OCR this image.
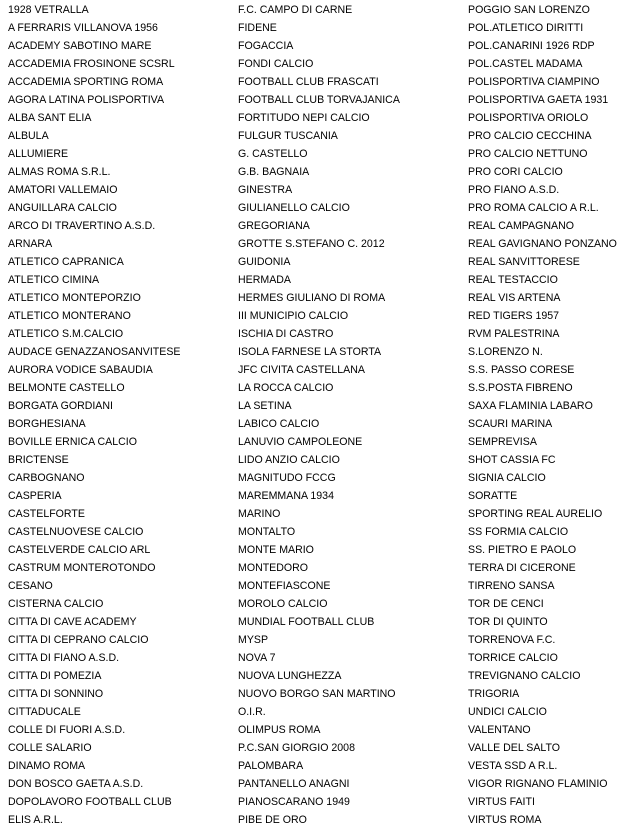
1928 VETRALLA
A FERRARIS VILLANOVA 1956
ACADEMY SABOTINO MARE
ACCADEMIA FROSINONE SCSRL
ACCADEMIA SPORTING ROMA
AGORA LATINA POLISPORTIVA
ALBA SANT ELIA
ALBULA
ALLUMIERE
ALMAS ROMA S.R.L.
AMATORI VALLEMAIO
ANGUILLARA CALCIO
ARCO DI TRAVERTINO A.S.D.
ARNARA
ATLETICO CAPRANICA
ATLETICO CIMINA
ATLETICO MONTEPORZIO
ATLETICO MONTERANO
ATLETICO S.M.CALCIO
AUDACE GENAZZANOSANVITESE
AURORA VODICE SABAUDIA
BELMONTE CASTELLO
BORGATA GORDIANI
BORGHESIANA
BOVILLE ERNICA CALCIO
BRICTENSE
CARBOGNANO
CASPERIA
CASTELFORTE
CASTELNUOVESE CALCIO
CASTELVERDE CALCIO ARL
CASTRUM MONTEROTONDO
CESANO
CISTERNA CALCIO
CITTA DI CAVE ACADEMY
CITTA DI CEPRANO CALCIO
CITTA DI FIANO A.S.D.
CITTA DI POMEZIA
CITTA DI SONNINO
CITTADUCALE
COLLE DI FUORI A.S.D.
COLLE SALARIO
DINAMO ROMA
DON BOSCO GAETA A.S.D.
DOPOLAVORO FOOTBALL CLUB
ELIS A.R.L.
F.C. CAMPO DI CARNE
FIDENE
FOGACCIA
FONDI CALCIO
FOOTBALL CLUB FRASCATI
FOOTBALL CLUB TORVAJANICA
FORTITUDO NEPI CALCIO
FULGUR TUSCANIA
G. CASTELLO
G.B. BAGNAIA
GINESTRA
GIULIANELLO CALCIO
GREGORIANA
GROTTE S.STEFANO C. 2012
GUIDONIA
HERMADA
HERMES GIULIANO DI ROMA
III MUNICIPIO CALCIO
ISCHIA DI CASTRO
ISOLA FARNESE LA STORTA
JFC CIVITA CASTELLANA
LA ROCCA CALCIO
LA SETINA
LABICO CALCIO
LANUVIO CAMPOLEONE
LIDO ANZIO CALCIO
MAGNITUDO FCCG
MAREMMANA 1934
MARINO
MONTALTO
MONTE MARIO
MONTEDORO
MONTEFIASCONE
MOROLO CALCIO
MUNDIAL FOOTBALL CLUB
MYSP
NOVA 7
NUOVA LUNGHEZZA
NUOVO BORGO SAN MARTINO
O.I.R.
OLIMPUS ROMA
P.C.SAN GIORGIO 2008
PALOMBARA
PANTANELLO ANAGNI
PIANOSCARANO 1949
PIBE DE ORO
POGGIO SAN LORENZO
POL.ATLETICO DIRITTI
POL.CANARINI 1926 RDP
POL.CASTEL MADAMA
POLISPORTIVA CIAMPINO
POLISPORTIVA GAETA 1931
POLISPORTIVA ORIOLO
PRO CALCIO CECCHINA
PRO CALCIO NETTUNO
PRO CORI CALCIO
PRO FIANO A.S.D.
PRO ROMA CALCIO A R.L.
REAL CAMPAGNANO
REAL GAVIGNANO PONZANO
REAL SANVITTORESE
REAL TESTACCIO
REAL VIS ARTENA
RED TIGERS 1957
RVM PALESTRINA
S.LORENZO N.
S.S. PASSO CORESE
S.S.POSTA FIBRENO
SAXA FLAMINIA LABARO
SCAURI MARINA
SEMPREVISA
SHOT CASSIA FC
SIGNIA CALCIO
SORATTE
SPORTING REAL AURELIO
SS FORMIA CALCIO
SS. PIETRO E PAOLO
TERRA DI CICERONE
TIRRENO SANSA
TOR DE CENCI
TOR DI QUINTO
TORRENOVA F.C.
TORRICE CALCIO
TREVIGNANO CALCIO
TRIGORIA
UNDICI CALCIO
VALENTANO
VALLE DEL SALTO
VESTA SSD A R.L.
VIGOR RIGNANO FLAMINIO
VIRTUS FAITI
VIRTUS ROMA
